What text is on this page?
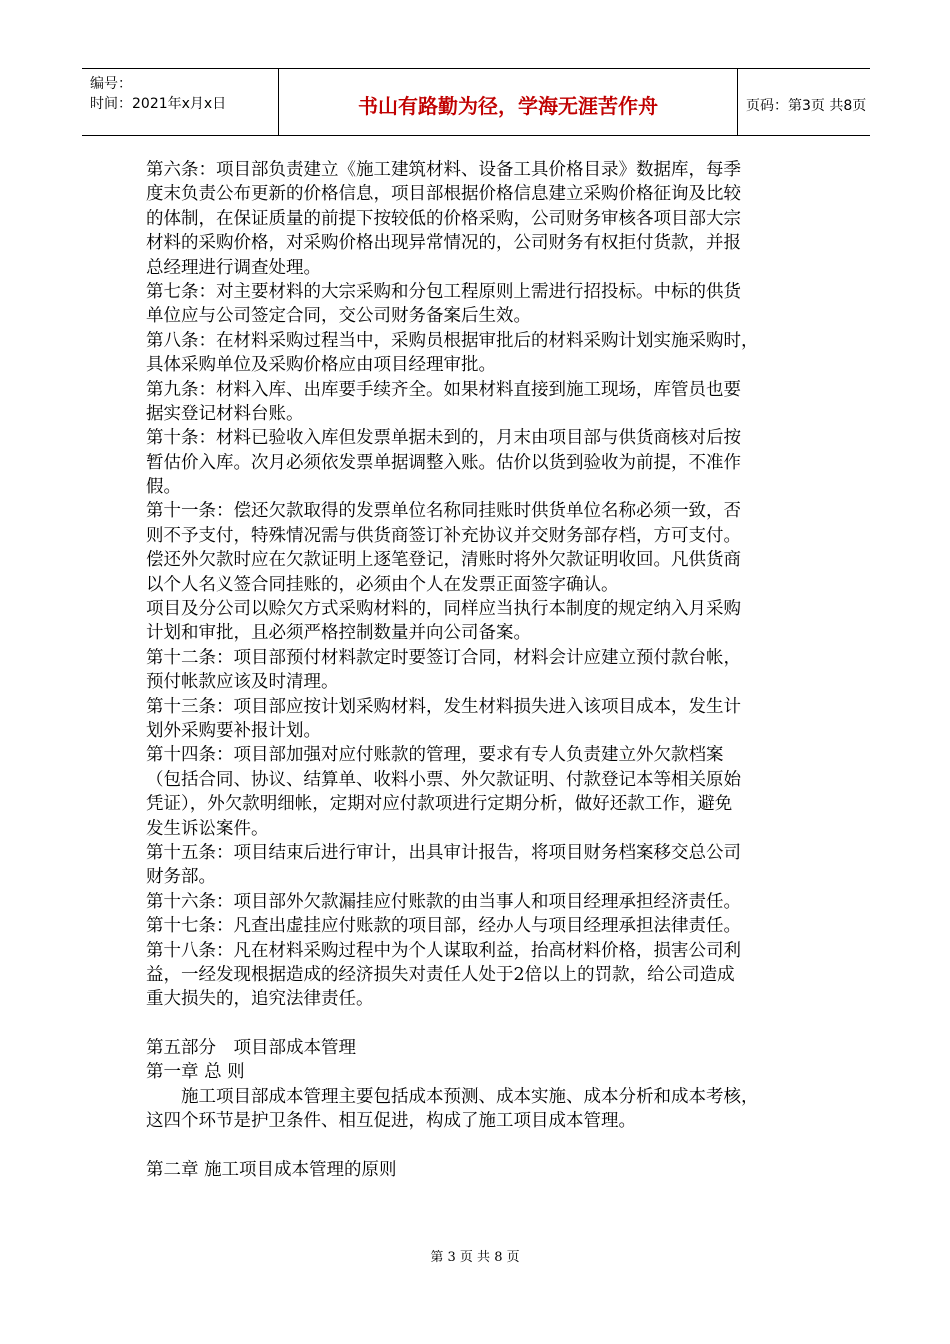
编号：
时间：2021年x月x日	书山有路勤为径，学海无涯苦作舟	页码：第3页 共8页
第六条：项目部负责建立《施工建筑材料、设备工具价格目录》数据库，每季
度末负责公布更新的价格信息，项目部根据价格信息建立采购价格征询及比较
的体制，在保证质量的前提下按较低的价格采购，公司财务审核各项目部大宗
材料的采购价格，对采购价格出现异常情况的，公司财务有权拒付货款，并报
总经理进行调查处理。
第七条：对主要材料的大宗采购和分包工程原则上需进行招投标。中标的供货
单位应与公司签定合同，交公司财务备案后生效。
第八条：在材料采购过程当中，采购员根据审批后的材料采购计划实施采购时，
具体采购单位及采购价格应由项目经理审批。
第九条：材料入库、出库要手续齐全。如果材料直接到施工现场，库管员也要
据实登记材料台账。
第十条：材料已验收入库但发票单据未到的，月末由项目部与供货商核对后按
暂估价入库。次月必须依发票单据调整入账。估价以货到验收为前提，不准作
假。
第十一条：偿还欠款取得的发票单位名称同挂账时供货单位名称必须一致，否
则不予支付，特殊情况需与供货商签订补充协议并交财务部存档，方可支付。
偿还外欠款时应在欠款证明上逐笔登记，清账时将外欠款证明收回。凡供货商
以个人名义签合同挂账的，必须由个人在发票正面签字确认。
项目及分公司以赊欠方式采购材料的，同样应当执行本制度的规定纳入月采购
计划和审批，且必须严格控制数量并向公司备案。
第十二条：项目部预付材料款定时要签订合同，材料会计应建立预付款台帐，
预付帐款应该及时清理。
第十三条：项目部应按计划采购材料，发生材料损失进入该项目成本，发生计
划外采购要补报计划。
第十四条：项目部加强对应付账款的管理，要求有专人负责建立外欠款档案
（包括合同、协议、结算单、收料小票、外欠款证明、付款登记本等相关原始
凭证），外欠款明细帐，定期对应付款项进行定期分析，做好还款工作，避免
发生诉讼案件。
第十五条：项目结束后进行审计，出具审计报告，将项目财务档案移交总公司
财务部。
第十六条：项目部外欠款漏挂应付账款的由当事人和项目经理承担经济责任。
第十七条：凡查出虚挂应付账款的项目部，经办人与项目经理承担法律责任。
第十八条：凡在材料采购过程中为个人谋取利益，抬高材料价格，损害公司利
益，一经发现根据造成的经济损失对责任人处于2倍以上的罚款，给公司造成
重大损失的，追究法律责任。
第五部分　项目部成本管理
第一章 总 则
　　施工项目部成本管理主要包括成本预测、成本实施、成本分析和成本考核，
这四个环节是护卫条件、相互促进，构成了施工项目成本管理。
第二章 施工项目成本管理的原则
第 3 页 共 8 页
